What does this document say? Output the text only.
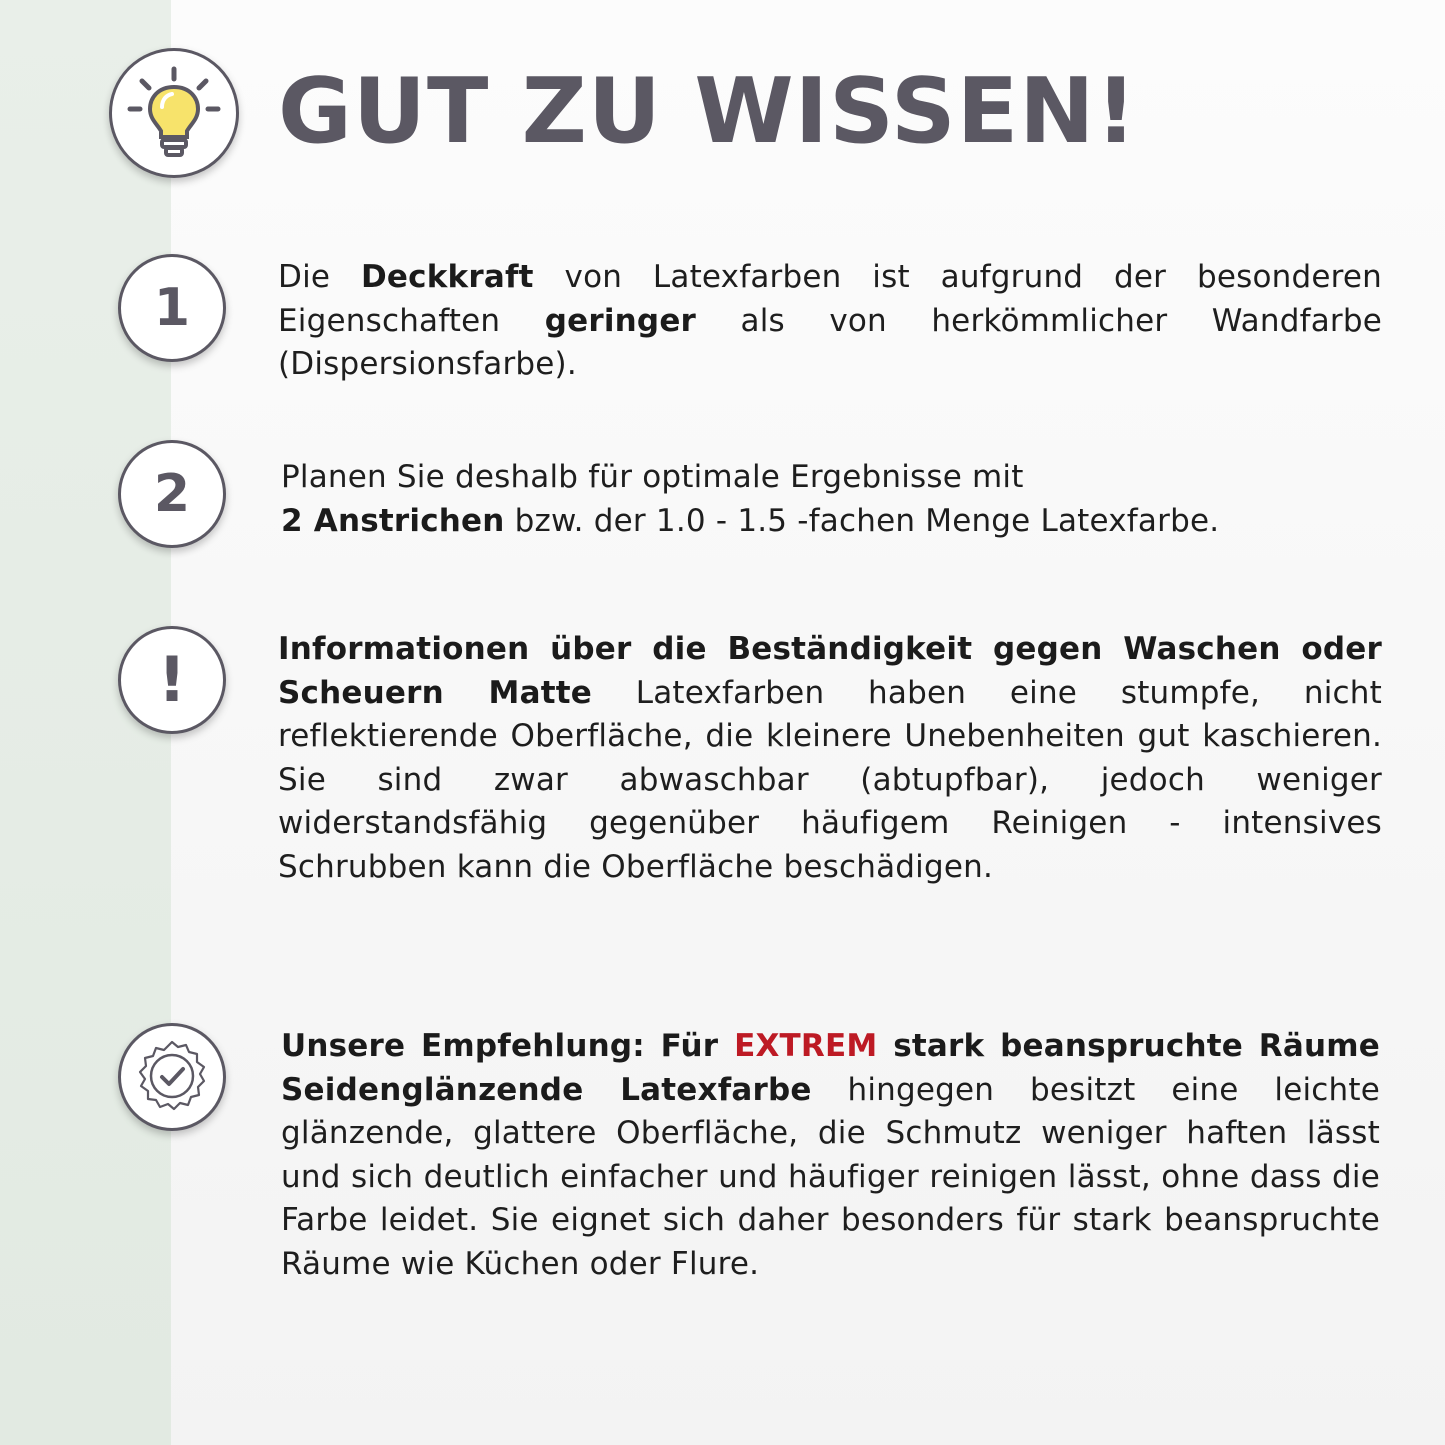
GUT ZU WISSEN!
1

Die Deckkraft von Latexfarben ist aufgrund der besonderen Eigenschaften geringer als von herkömmlicher Wandfarbe (Dispersionsfarbe).

2	Planen Sie deshalb für optimale Ergebnisse mit
2 Anstrichen bzw. der 1.0 - 1.5 -fachen Menge Latexfarbe.

!	Informationen über die Beständigkeit gegen Waschen oder Scheuern Matte Latexfarben haben eine stumpfe, nicht reflektierende Oberfläche, die kleinere Unebenheiten gut kaschieren. Sie sind zwar abwaschbar (abtupfbar), jedoch weniger widerstandsfähig gegenüber häufigem Reinigen - intensives Schrubben kann die Oberfläche beschädigen.

Unsere Empfehlung: Für EXTREM stark beanspruchte Räume Seidenglänzende Latexfarbe hingegen besitzt eine leichte glänzende, glattere Oberfläche, die Schmutz weniger haften lässt und sich deutlich einfacher und häufiger reinigen lässt, ohne dass die Farbe leidet. Sie eignet sich daher besonders für stark beanspruchte Räume wie Küchen oder Flure.
